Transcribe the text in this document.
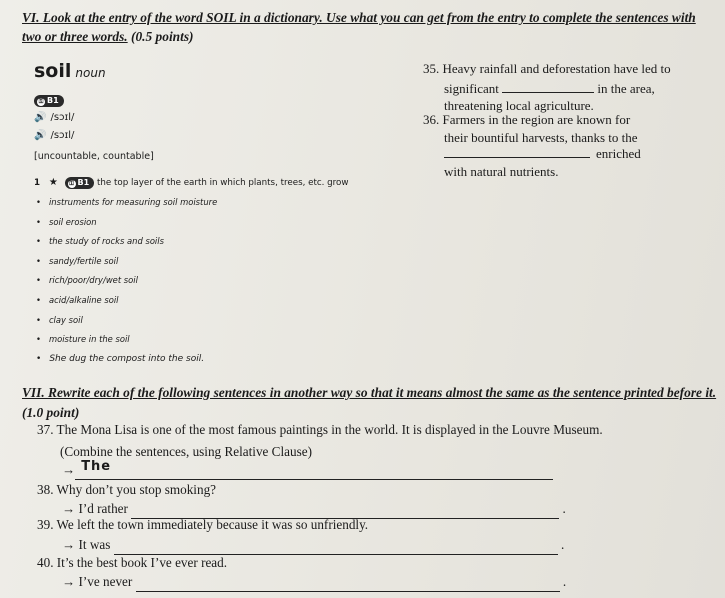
VI. Look at the entry of the word SOIL in a dictionary. Use what you can get from the entry to complete the sentences with two or three words. (0.5 points)
soil noun
⚿ B1
🔊 /sɔɪl/
🔊 /sɔɪl/
[uncountable, countable]
1 ★ ⚿ B1 the top layer of the earth in which plants, trees, etc. grow
• instruments for measuring soil moisture
• soil erosion
• the study of rocks and soils
• sandy/fertile soil
• rich/poor/dry/wet soil
• acid/alkaline soil
• clay soil
• moisture in the soil
• She dug the compost into the soil.
35. Heavy rainfall and deforestation have led to
significant	in the area,
threatening local agriculture.
36. Farmers in the region are known for
their bountiful harvests, thanks to the
enriched
with natural nutrients.
VII. Rewrite each of the following sentences in another way so that it means almost the same as the sentence printed before it. (1.0 point)
37. The Mona Lisa is one of the most famous paintings in the world. It is displayed in the Louvre Museum.
(Combine the sentences, using Relative Clause)
→ The

38. Why don’t you stop smoking?
→ I’d rather	.
39. We left the town immediately because it was so unfriendly.
→ It was	.
40. It’s the best book I’ve ever read.
→ I’ve never	.
